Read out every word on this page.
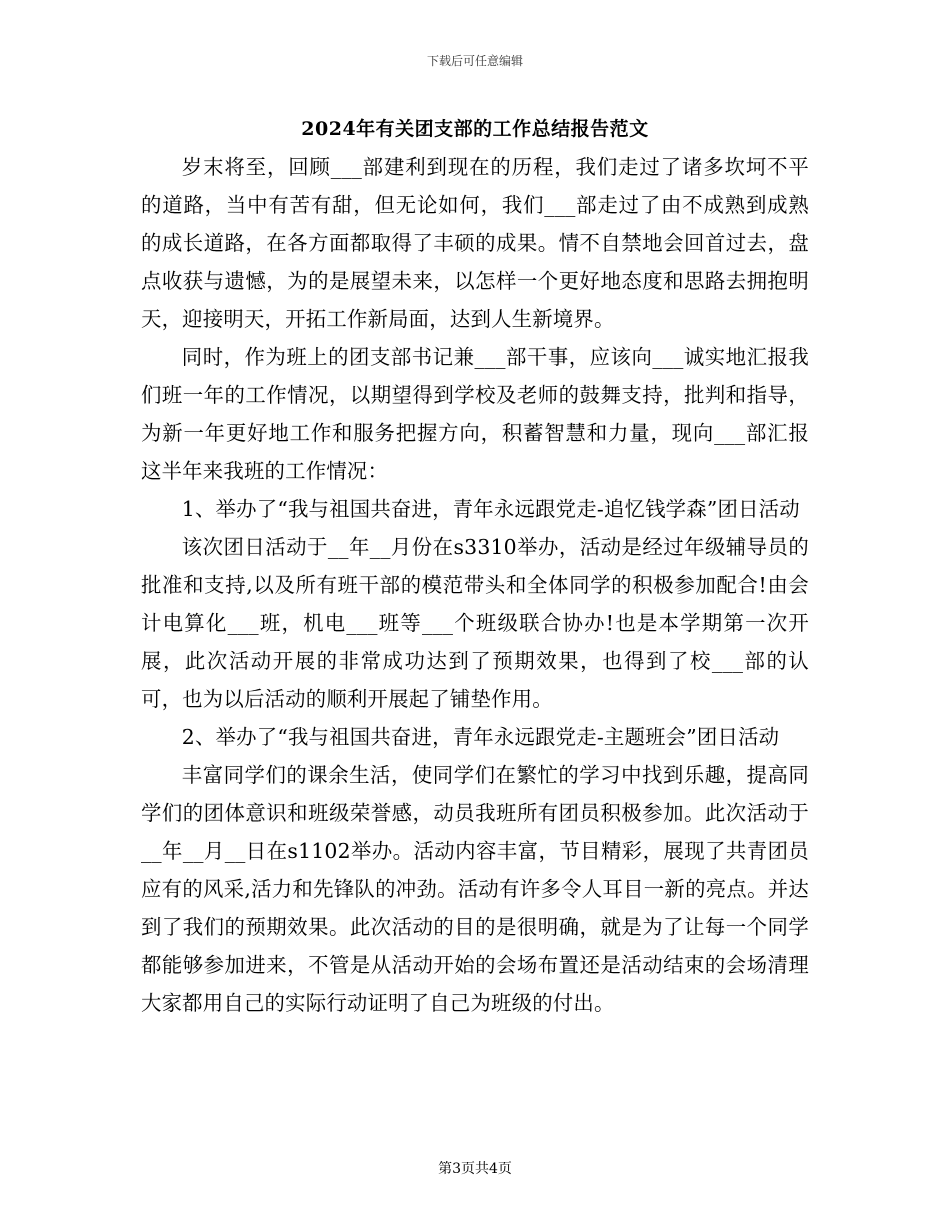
下载后可任意编辑
2024年有关团支部的工作总结报告范文

岁末将至，回顾___部建利到现在的历程，我们走过了诸多坎坷不平的道路，当中有苦有甜，但无论如何，我们___部走过了由不成熟到成熟的成长道路，在各方面都取得了丰硕的成果。情不自禁地会回首过去，盘点收获与遗憾，为的是展望未来，以怎样一个更好地态度和思路去拥抱明天，迎接明天，开拓工作新局面，达到人生新境界。

同时，作为班上的团支部书记兼___部干事，应该向___诚实地汇报我们班一年的工作情况，以期望得到学校及老师的鼓舞支持，批判和指导，为新一年更好地工作和服务把握方向，积蓄智慧和力量，现向___部汇报这半年来我班的工作情况：

1、举办了“我与祖国共奋进，青年永远跟党走-追忆钱学森”团日活动

该次团日活动于__年__月份在s3310举办，活动是经过年级辅导员的批准和支持,以及所有班干部的模范带头和全体同学的积极参加配合!由会计电算化___班，机电___班等___个班级联合协办!也是本学期第一次开展，此次活动开展的非常成功达到了预期效果，也得到了校___部的认可，也为以后活动的顺利开展起了铺垫作用。

2、举办了“我与祖国共奋进，青年永远跟党走-主题班会”团日活动

丰富同学们的课余生活，使同学们在繁忙的学习中找到乐趣，提高同学们的团体意识和班级荣誉感，动员我班所有团员积极参加。此次活动于__年__月__日在s1102举办。活动内容丰富，节目精彩，展现了共青团员应有的风采,活力和先锋队的冲劲。活动有许多令人耳目一新的亮点。并达到了我们的预期效果。此次活动的目的是很明确，就是为了让每一个同学都能够参加进来，不管是从活动开始的会场布置还是活动结束的会场清理大家都用自己的实际行动证明了自己为班级的付出。

第3页共4页
